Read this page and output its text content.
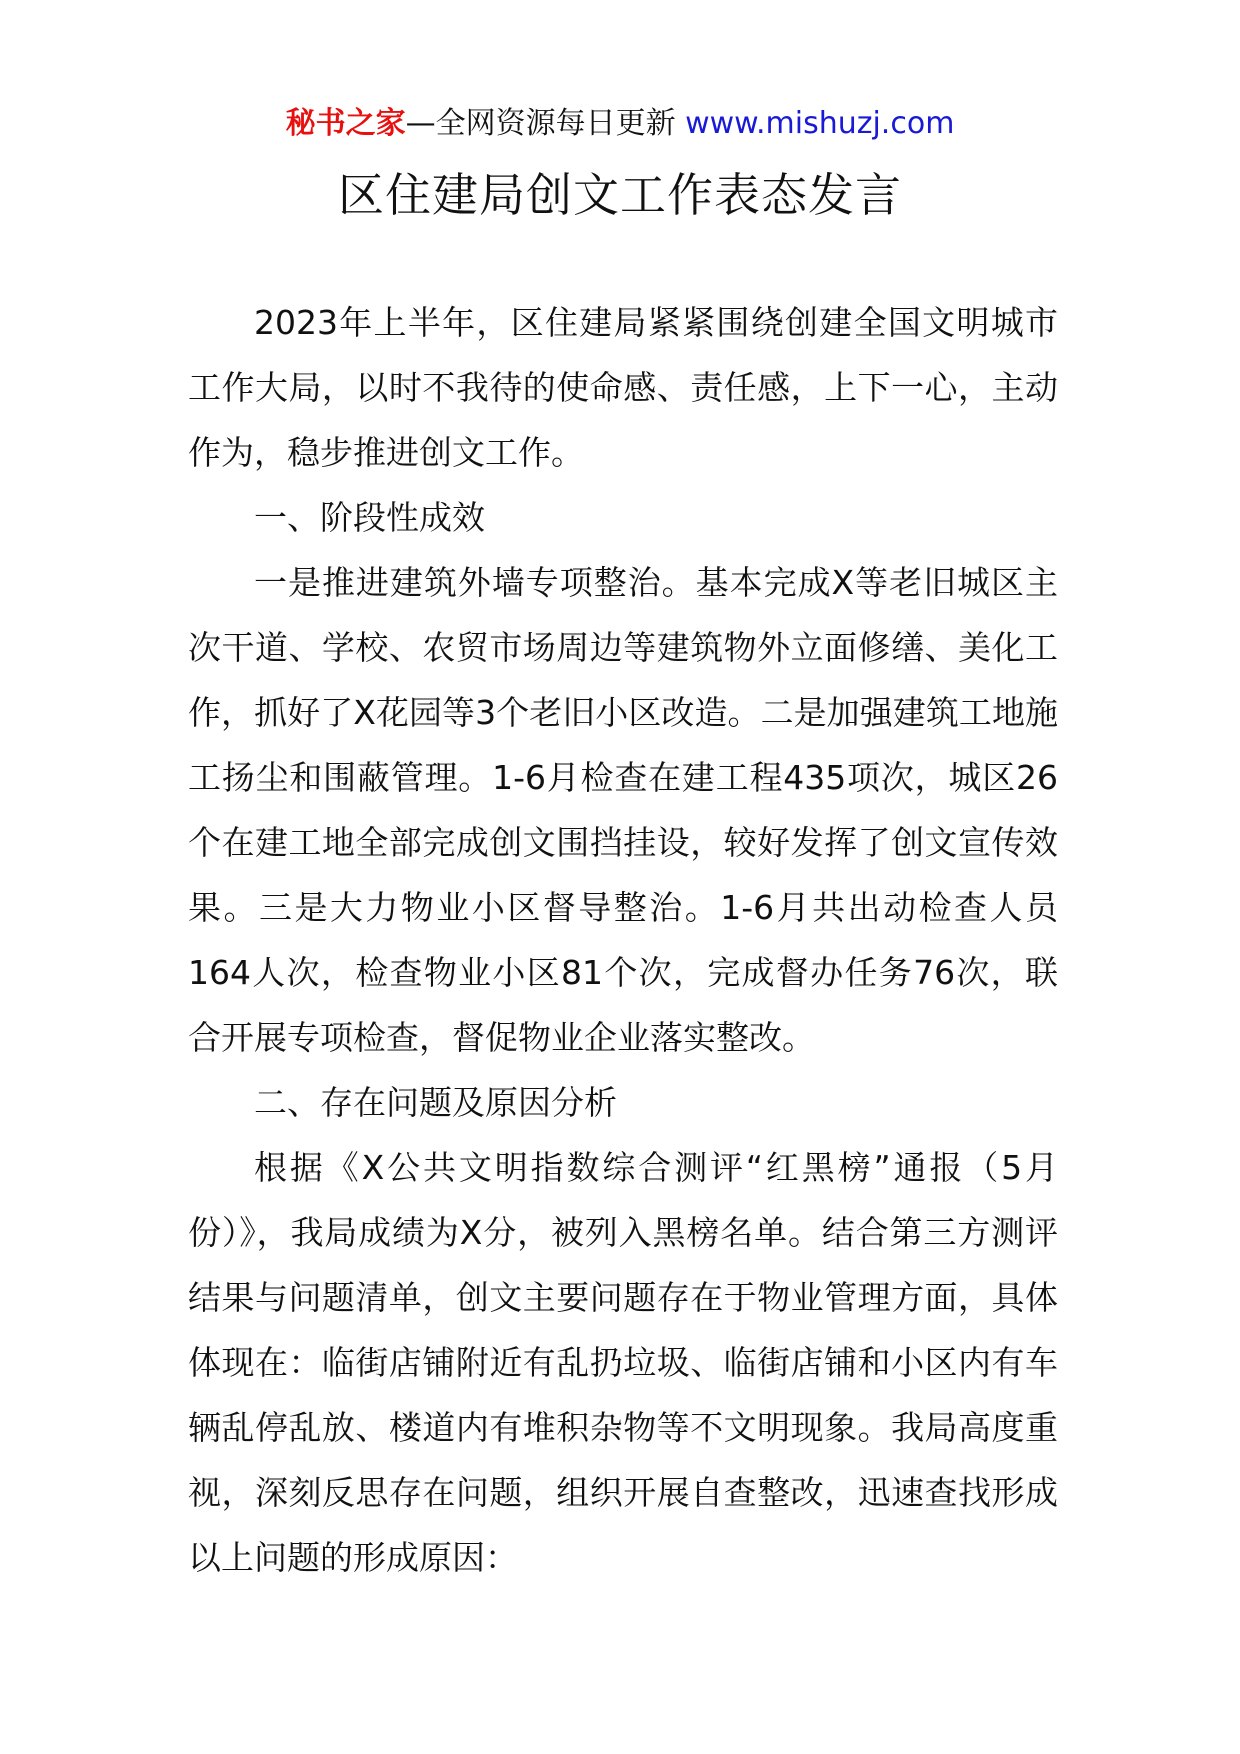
秘书之家—全网资源每日更新 www.mishuzj.com
区住建局创文工作表态发言

2023年上半年，区住建局紧紧围绕创建全国文明城市工作大局，以时不我待的使命感、责任感，上下一心，主动作为，稳步推进创文工作。

一、阶段性成效

一是推进建筑外墙专项整治。基本完成X等老旧城区主次干道、学校、农贸市场周边等建筑物外立面修缮、美化工作，抓好了X花园等3个老旧小区改造。二是加强建筑工地施工扬尘和围蔽管理。1-6月检查在建工程435项次，城区26个在建工地全部完成创文围挡挂设，较好发挥了创文宣传效果。三是大力物业小区督导整治。1-6月共出动检查人员164人次，检查物业小区81个次，完成督办任务76次，联合开展专项检查，督促物业企业落实整改。

二、存在问题及原因分析

根据《X公共文明指数综合测评“红黑榜”通报（5月份）》，我局成绩为X分，被列入黑榜名单。结合第三方测评结果与问题清单，创文主要问题存在于物业管理方面，具体体现在：临街店铺附近有乱扔垃圾、临街店铺和小区内有车辆乱停乱放、楼道内有堆积杂物等不文明现象。我局高度重视，深刻反思存在问题，组织开展自查整改，迅速查找形成以上问题的形成原因：
